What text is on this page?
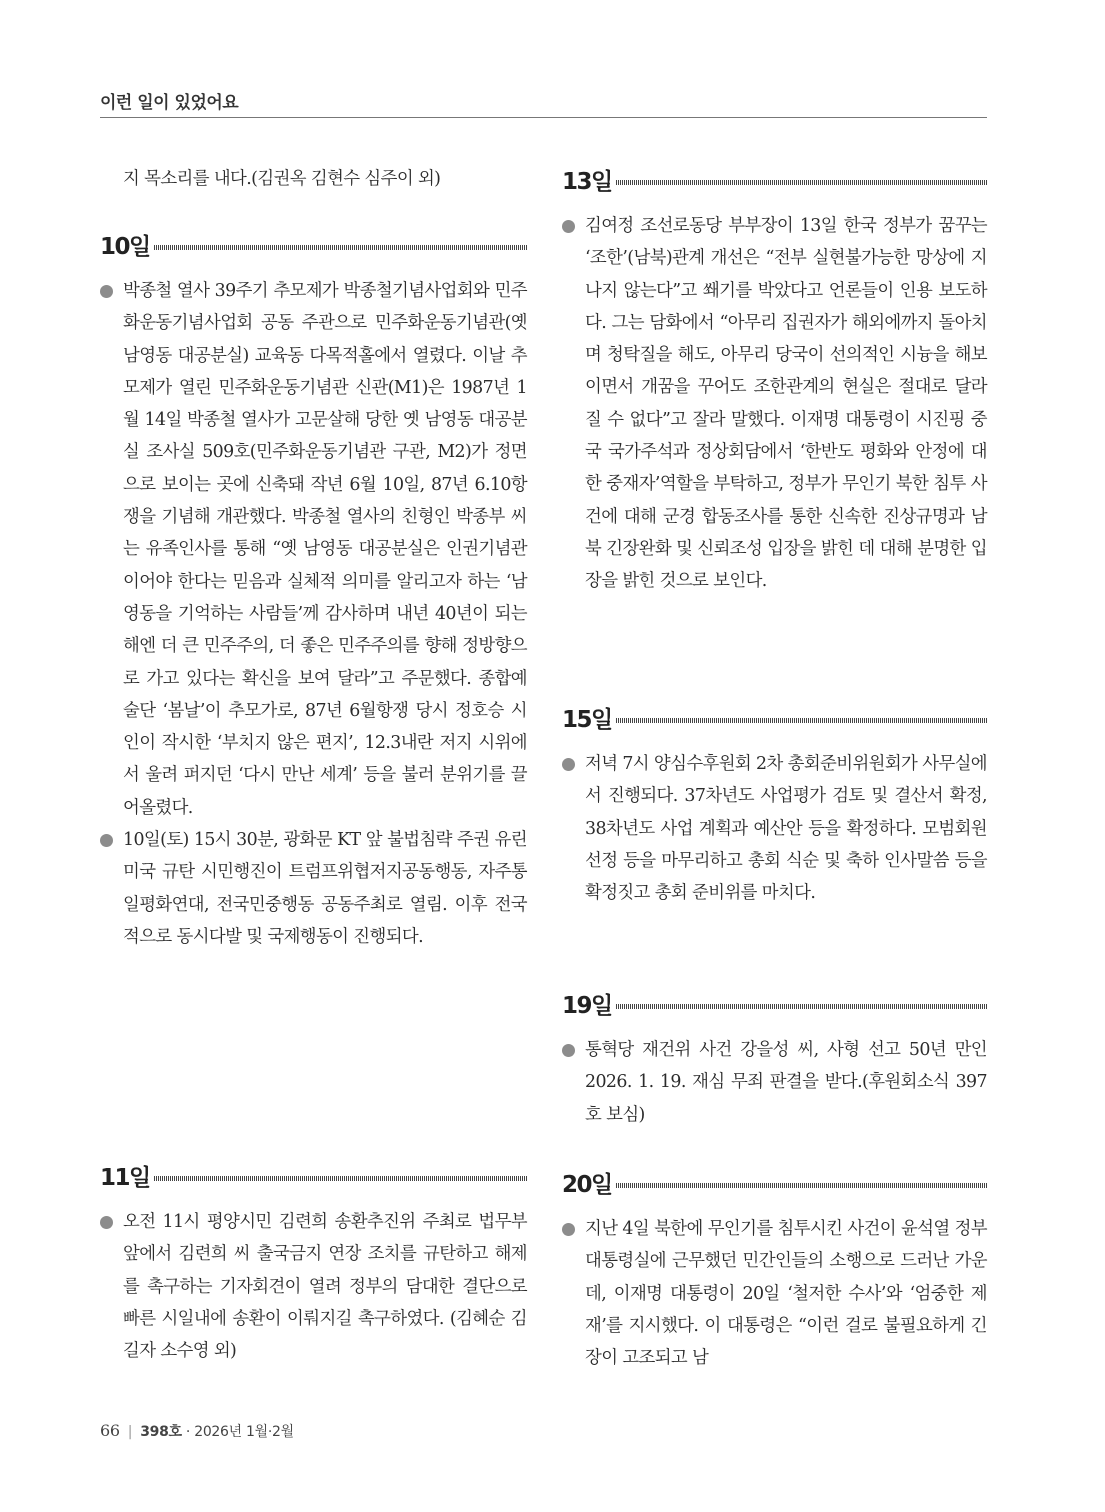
이런 일이 있었어요

지 목소리를 내다.(김권옥 김현수 심주이 외)

10일
박종철 열사 39주기 추모제가 박종철기념사업회와 민주화운동기념사업회 공동 주관으로 민주화운동기념관(옛 남영동 대공분실) 교육동 다목적홀에서 열렸다. 이날 추모제가 열린 민주화운동기념관 신관(M1)은 1987년 1월 14일 박종철 열사가 고문살해 당한 옛 남영동 대공분실 조사실 509호(민주화운동기념관 구관, M2)가 정면으로 보이는 곳에 신축돼 작년 6월 10일, 87년 6.10항쟁을 기념해 개관했다. 박종철 열사의 친형인 박종부 씨는 유족인사를 통해 “옛 남영동 대공분실은 인권기념관이어야 한다는 믿음과 실체적 의미를 알리고자 하는 ‘남영동을 기억하는 사람들’께 감사하며 내년 40년이 되는 해엔 더 큰 민주주의, 더 좋은 민주주의를 향해 정방향으로 가고 있다는 확신을 보여 달라”고 주문했다. 종합예술단 ‘봄날’이 추모가로, 87년 6월항쟁 당시 정호승 시인이 작시한 ‘부치지 않은 편지’, 12.3내란 저지 시위에서 울려 퍼지던 ‘다시 만난 세계’ 등을 불러 분위기를 끌어올렸다.
10일(토) 15시 30분, 광화문 KT 앞 불법침략 주권 유린 미국 규탄 시민행진이 트럼프위협저지공동행동, 자주통일평화연대, 전국민중행동 공동주최로 열림. 이후 전국적으로 동시다발 및 국제행동이 진행되다.
11일
오전 11시 평양시민 김련희 송환추진위 주최로 법무부 앞에서 김련희 씨 출국금지 연장 조치를 규탄하고 해제를 촉구하는 기자회견이 열려 정부의 담대한 결단으로 빠른 시일내에 송환이 이뤄지길 촉구하였다. (김혜순 김길자 소수영 외)
13일
김여정 조선로동당 부부장이 13일 한국 정부가 꿈꾸는 ‘조한’(남북)관계 개선은 “전부 실현불가능한 망상에 지나지 않는다”고 쐐기를 박았다고 언론들이 인용 보도하다. 그는 담화에서 “아무리 집권자가 해외에까지 돌아치며 청탁질을 해도, 아무리 당국이 선의적인 시늉을 해보이면서 개꿈을 꾸어도 조한관계의 현실은 절대로 달라질 수 없다”고 잘라 말했다. 이재명 대통령이 시진핑 중국 국가주석과 정상회담에서 ‘한반도 평화와 안정에 대한 중재자’역할을 부탁하고, 정부가 무인기 북한 침투 사건에 대해 군경 합동조사를 통한 신속한 진상규명과 남북 긴장완화 및 신뢰조성 입장을 밝힌 데 대해 분명한 입장을 밝힌 것으로 보인다.
15일
저녁 7시 양심수후원회 2차 총회준비위원회가 사무실에서 진행되다. 37차년도 사업평가 검토 및 결산서 확정, 38차년도 사업 계획과 예산안 등을 확정하다. 모범회원 선정 등을 마무리하고 총회 식순 및 축하 인사말씀 등을 확정짓고 총회 준비위를 마치다.
19일
통혁당 재건위 사건 강을성 씨, 사형 선고 50년 만인 2026. 1. 19. 재심 무죄 판결을 받다.(후원회소식 397호 보심)
20일
지난 4일 북한에 무인기를 침투시킨 사건이 윤석열 정부 대통령실에 근무했던 민간인들의 소행으로 드러난 가운데, 이재명 대통령이 20일 ‘철저한 수사’와 ‘엄중한 제재’를 지시했다. 이 대통령은 “이런 걸로 불필요하게 긴장이 고조되고 남
66 | 398호 · 2026년 1월·2월
